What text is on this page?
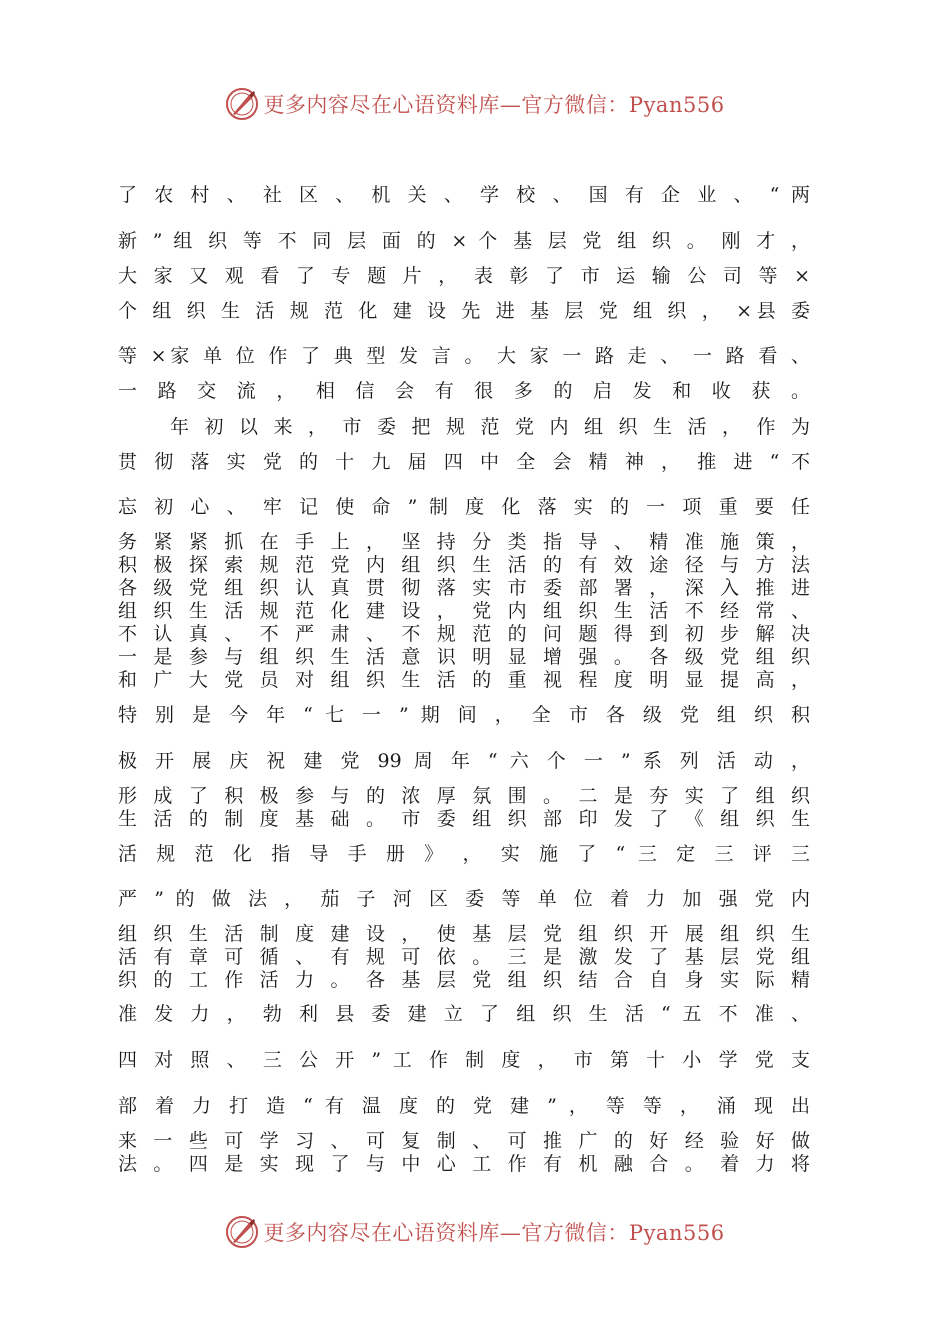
更多内容尽在心语资料库—官方微信：Pyan556
了 农 村 、 社 区 、 机 关 、 学 校 、 国 有 企 业 、 “ 两
新 ” 组 织 等 不 同 层 面 的 × 个 基 层 党 组 织 。 刚 才 ，
大 家 又 观 看 了 专 题 片 ， 表 彰 了 市 运 输 公 司 等 ×
个 组 织 生 活 规 范 化 建 设 先 进 基 层 党 组 织 ， ×县 委
等 ×家 单 位 作 了 典 型 发 言 。 大 家 一 路 走 、 一 路 看 、
一 路 交 流 ， 相 信 会 有 很 多 的 启 发 和 收 获 。
年 初 以 来 ， 市 委 把 规 范 党 内 组 织 生 活 ， 作 为
贯 彻 落 实 党 的 十 九 届 四 中 全 会 精 神 ， 推 进 “ 不
忘 初 心 、 牢 记 使 命 ” 制 度 化 落 实 的 一 项 重 要 任
务 紧 紧 抓 在 手 上 ， 坚 持 分 类 指 导 、 精 准 施 策 ，
积 极 探 索 规 范 党 内 组 织 生 活 的 有 效 途 径 与 方 法
各 级 党 组 织 认 真 贯 彻 落 实 市 委 部 署 ， 深 入 推 进
组 织 生 活 规 范 化 建 设 ， 党 内 组 织 生 活 不 经 常 、
不 认 真 、 不 严 肃 、 不 规 范 的 问 题 得 到 初 步 解 决
一 是 参 与 组 织 生 活 意 识 明 显 增 强 。 各 级 党 组 织
和 广 大 党 员 对 组 织 生 活 的 重 视 程 度 明 显 提 高 ，
特 别 是 今 年 “ 七 一 ” 期 间 ， 全 市 各 级 党 组 织 积
极 开 展 庆 祝 建 党 99 周 年 “ 六 个 一 ” 系 列 活 动 ，
形 成 了 积 极 参 与 的 浓 厚 氛 围 。 二 是 夯 实 了 组 织
生 活 的 制 度 基 础 。 市 委 组 织 部 印 发 了 《 组 织 生
活 规 范 化 指 导 手 册 》 ， 实 施 了 “ 三 定 三 评 三
严 ” 的 做 法 ， 茄 子 河 区 委 等 单 位 着 力 加 强 党 内
组 织 生 活 制 度 建 设 ， 使 基 层 党 组 织 开 展 组 织 生
活 有 章 可 循 、 有 规 可 依 。 三 是 激 发 了 基 层 党 组
织 的 工 作 活 力 。 各 基 层 党 组 织 结 合 自 身 实 际 精
准 发 力 ， 勃 利 县 委 建 立 了 组 织 生 活 “ 五 不 准 、
四 对 照 、 三 公 开 ” 工 作 制 度 ， 市 第 十 小 学 党 支
部 着 力 打 造 “ 有 温 度 的 党 建 ” ， 等 等 ， 涌 现 出
来 一 些 可 学 习 、 可 复 制 、 可 推 广 的 好 经 验 好 做
法 。 四 是 实 现 了 与 中 心 工 作 有 机 融 合 。 着 力 将
更多内容尽在心语资料库—官方微信：Pyan556
